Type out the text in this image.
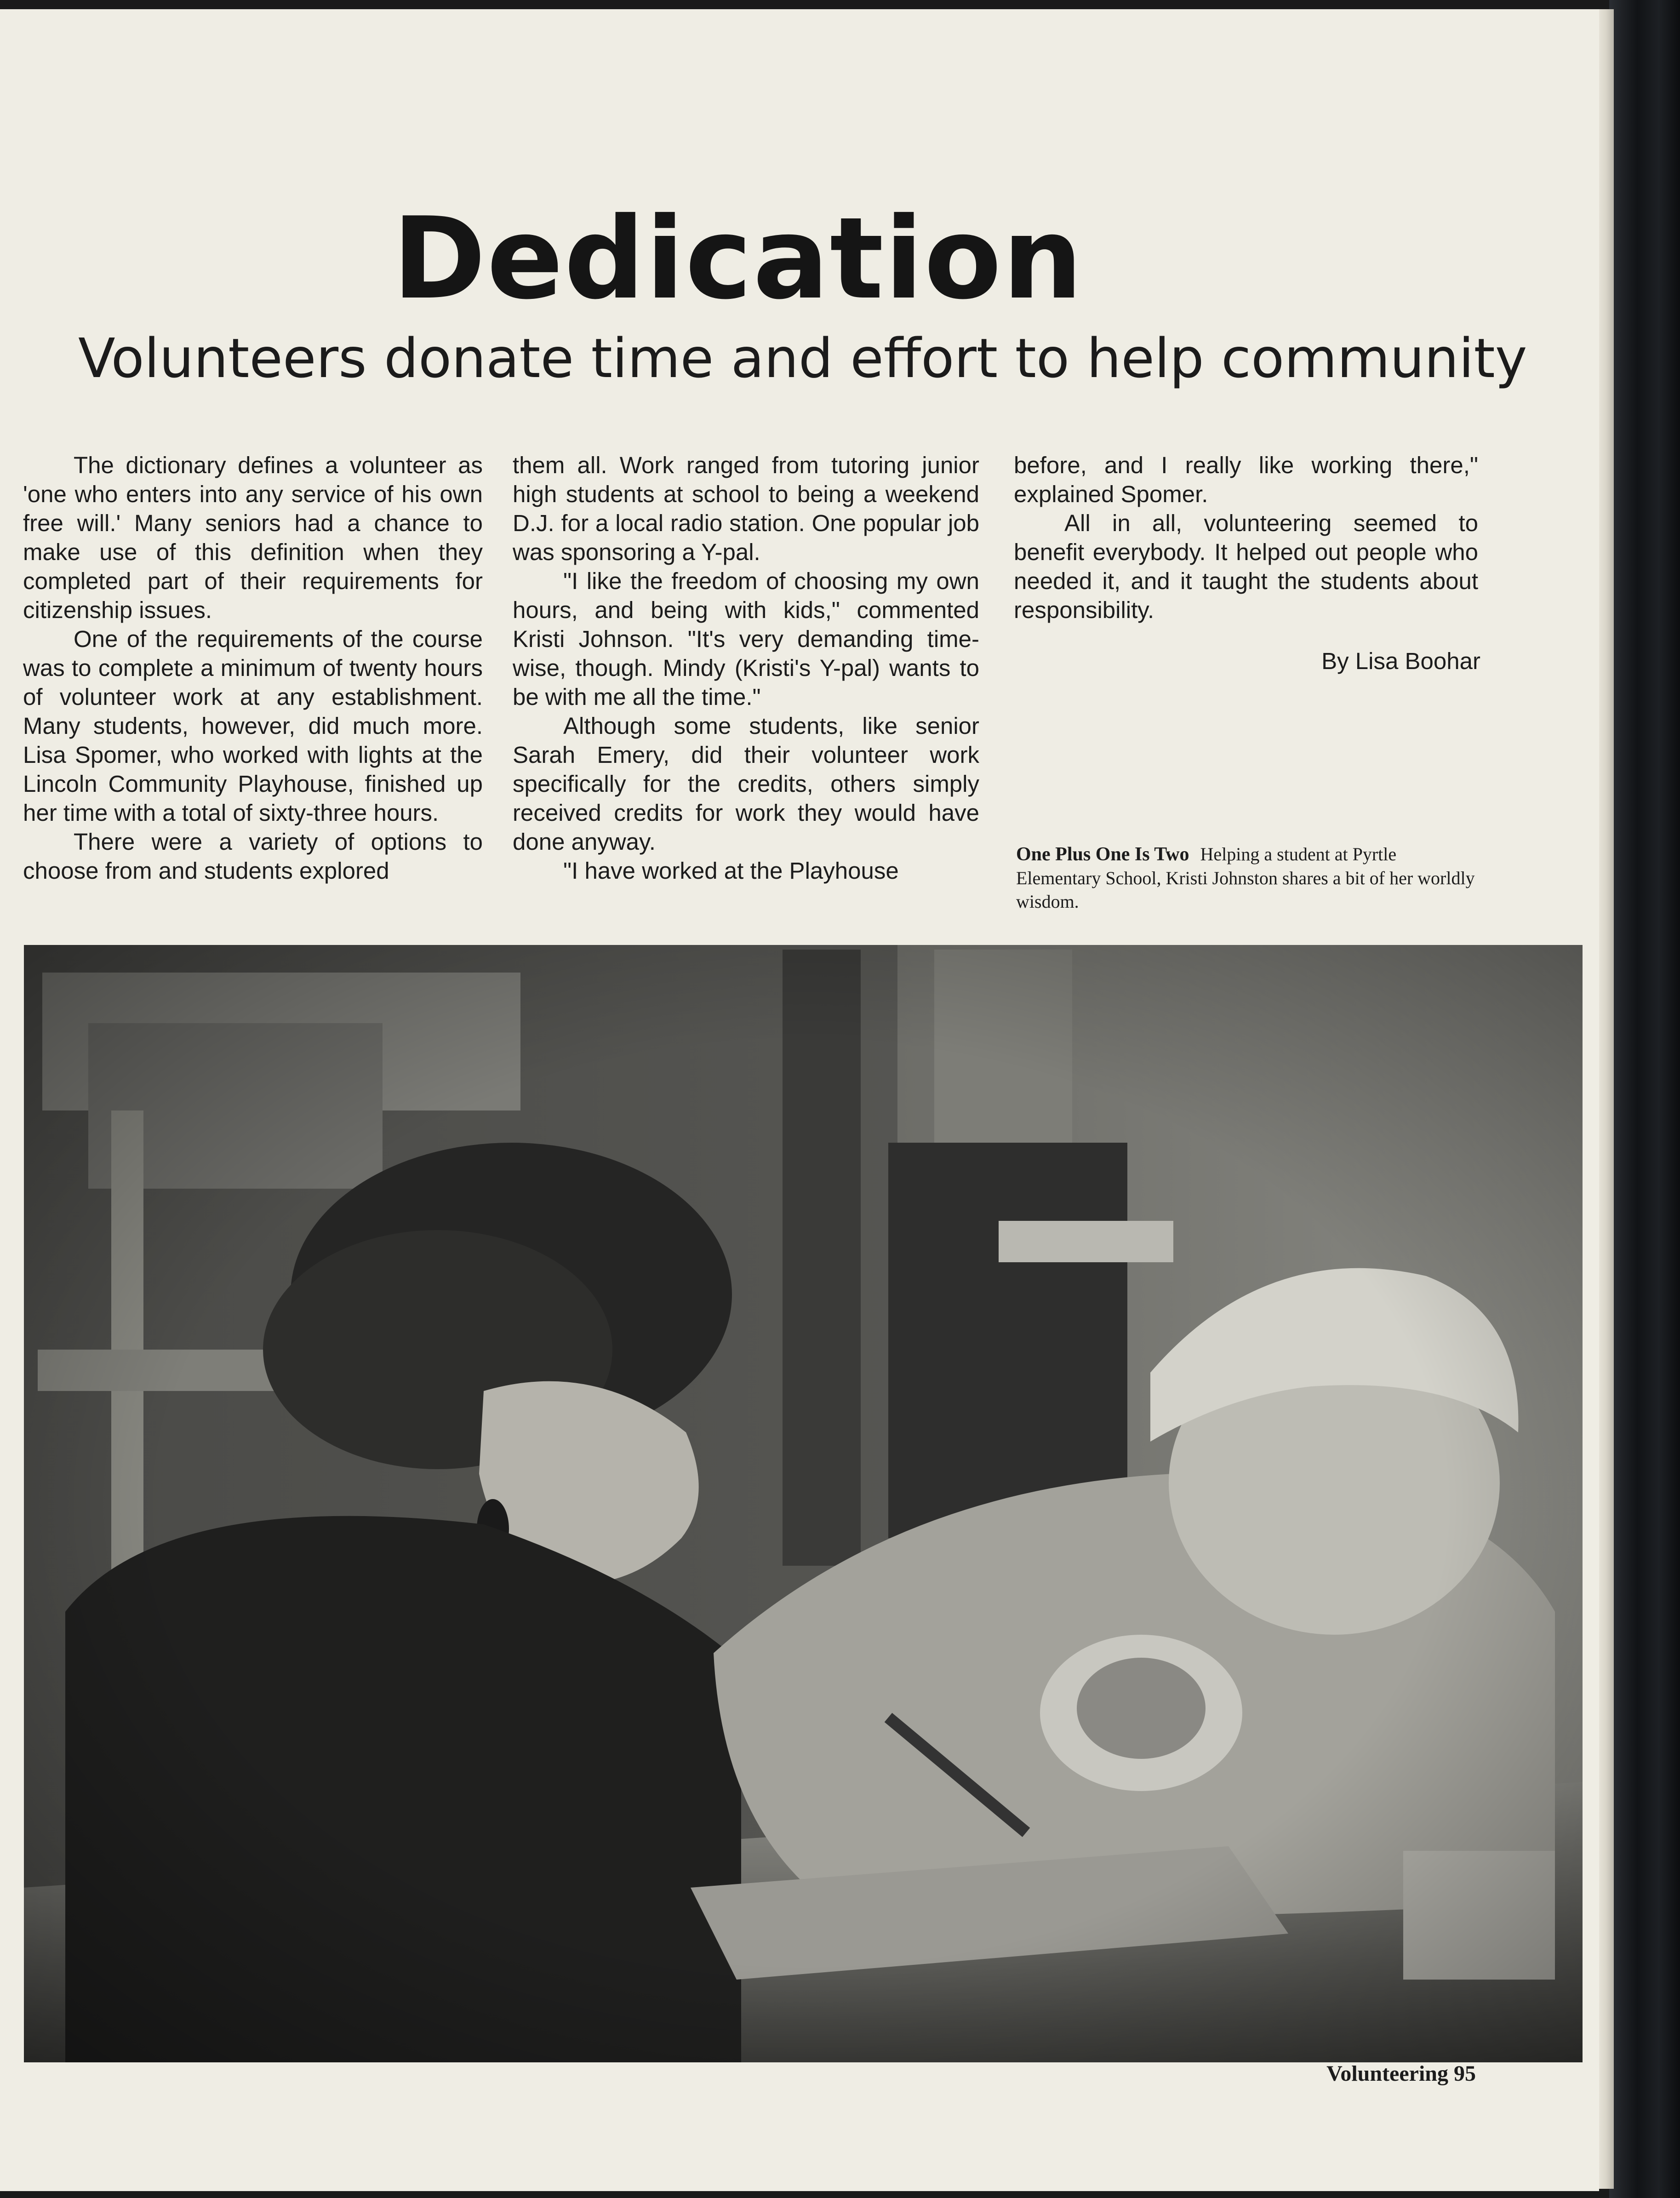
Dedication
Volunteers donate time and effort to help community

The dictionary defines a volunteer as 'one who enters into any service of his own free will.' Many seniors had a chance to make use of this definition when they completed part of their requirements for citizenship issues.

One of the requirements of the course was to complete a minimum of twenty hours of volunteer work at any establishment. Many students, however, did much more. Lisa Spomer, who worked with lights at the Lincoln Community Playhouse, finished up her time with a total of sixty-three hours.

There were a variety of options to choose from and students explored

them all. Work ranged from tutoring junior high students at school to being a weekend D.J. for a local radio station. One popular job was sponsoring a Y-pal.

"I like the freedom of choosing my own hours, and being with kids," commented Kristi Johnson. "It's very demanding time-wise, though. Mindy (Kristi's Y-pal) wants to be with me all the time."

Although some students, like senior Sarah Emery, did their volunteer work specifically for the credits, others simply received credits for work they would have done anyway.

"I have worked at the Playhouse

before, and I really like working there," explained Spomer.

All in all, volunteering seemed to benefit everybody. It helped out people who needed it, and it taught the students about responsibility.

By Lisa Boohar

One Plus One Is Two Helping a student at Pyrtle Elementary School, Kristi Johnston shares a bit of her worldly wisdom.

Volunteering 95
